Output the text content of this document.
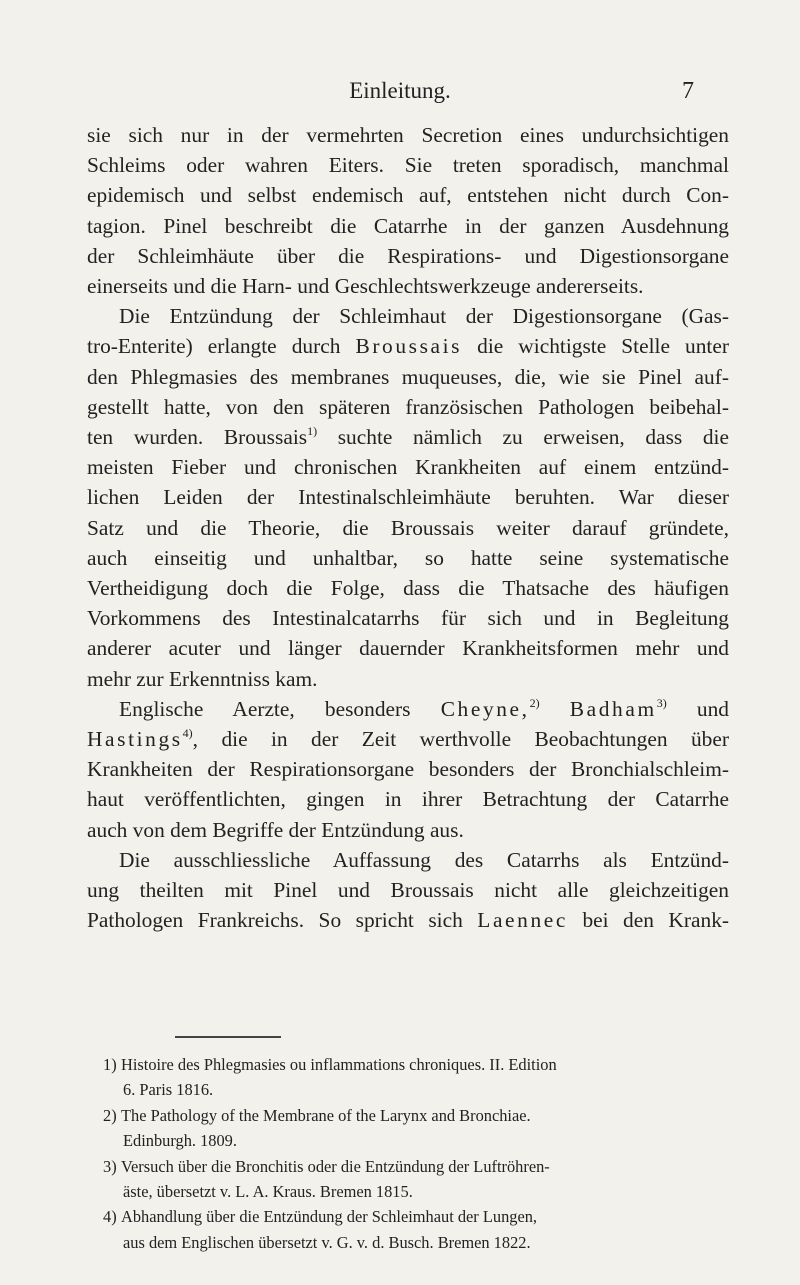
Einleitung.	7
sie sich nur in der vermehrten Secretion eines undurchsichtigen
Schleims oder wahren Eiters. Sie treten sporadisch, manchmal
epidemisch und selbst endemisch auf, entstehen nicht durch Con-
tagion. Pinel beschreibt die Catarrhe in der ganzen Ausdehnung
der Schleimhäute über die Respirations- und Digestionsorgane
einerseits und die Harn- und Geschlechtswerkzeuge andererseits.
Die Entzündung der Schleimhaut der Digestionsorgane (Gas-
tro-Enterite) erlangte durch Broussais die wichtigste Stelle unter
den Phlegmasies des membranes muqueuses, die, wie sie Pinel auf-
gestellt hatte, von den späteren französischen Pathologen beibehal-
ten wurden. Broussais$^{1)}$ suchte nämlich zu erweisen, dass die
meisten Fieber und chronischen Krankheiten auf einem entzünd-
lichen Leiden der Intestinalschleimhäute beruhten. War dieser
Satz und die Theorie, die Broussais weiter darauf gründete,
auch einseitig und unhaltbar, so hatte seine systematische
Vertheidigung doch die Folge, dass die Thatsache des häufigen
Vorkommens des Intestinalcatarrhs für sich und in Begleitung
anderer acuter und länger dauernder Krankheitsformen mehr und
mehr zur Erkenntniss kam.
Englische Aerzte, besonders Cheyne,$^{2)}$ Badham$^{3)}$ und
Hastings$^{4)}$, die in der Zeit werthvolle Beobachtungen über
Krankheiten der Respirationsorgane besonders der Bronchialschleim-
haut veröffentlichten, gingen in ihrer Betrachtung der Catarrhe
auch von dem Begriffe der Entzündung aus.
Die ausschliessliche Auffassung des Catarrhs als Entzünd-
ung theilten mit Pinel und Broussais nicht alle gleichzeitigen
Pathologen Frankreichs. So spricht sich Laennec bei den Krank-
1) Histoire des Phlegmasies ou inflammations chroniques. II. Edition
6. Paris 1816.
2) The Pathology of the Membrane of the Larynx and Bronchiae.
Edinburgh. 1809.
3) Versuch über die Bronchitis oder die Entzündung der Luftröhren-
äste, übersetzt v. L. A. Kraus. Bremen 1815.
4) Abhandlung über die Entzündung der Schleimhaut der Lungen,
aus dem Englischen übersetzt v. G. v. d. Busch. Bremen 1822.
